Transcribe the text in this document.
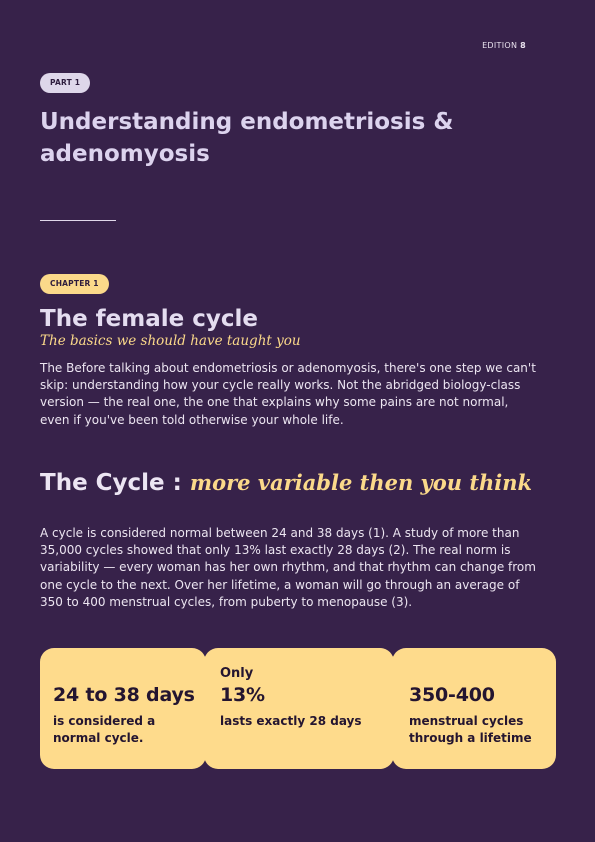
EDITION 8
PART 1
Understanding endometriosis & adenomyosis
CHAPTER 1
The female cycle
The basics we should have taught you

The Before talking about endometriosis or adenomyosis, there's one step we can't skip: understanding how your cycle really works. Not the abridged biology-class version — the real one, the one that explains why some pains are not normal, even if you've been told otherwise your whole life.

The Cycle : more variable then you think

A cycle is considered normal between 24 and 38 days (1). A study of more than 35,000 cycles showed that only 13% last exactly 28 days (2). The real norm is variability — every woman has her own rhythm, and that rhythm can change from one cycle to the next. Over her lifetime, a woman will go through an average of 350 to 400 menstrual cycles, from puberty to menopause (3).

24 to 38 days
is considered a normal cycle.
Only
13%
lasts exactly 28 days
350-400
menstrual cycles through a lifetime
